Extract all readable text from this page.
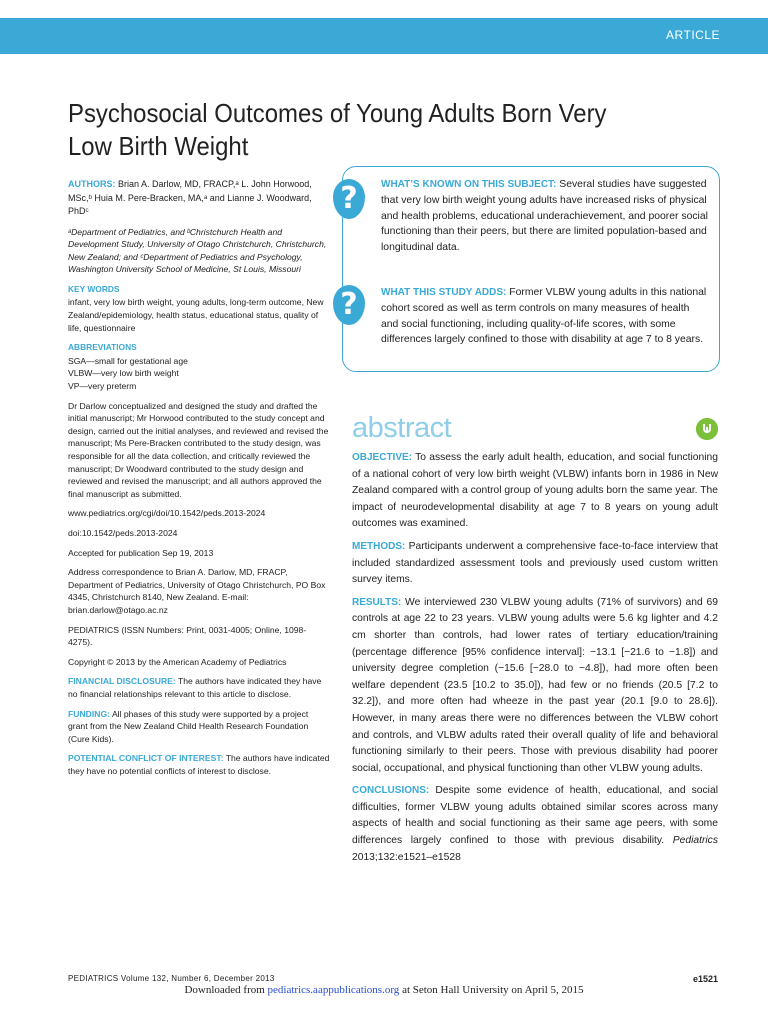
ARTICLE
Psychosocial Outcomes of Young Adults Born Very Low Birth Weight

AUTHORS: Brian A. Darlow, MD, FRACP,ᵃ L. John Horwood, MSc,ᵇ Huia M. Pere-Bracken, MA,ᵃ and Lianne J. Woodward, PhDᶜ

ᵃDepartment of Pediatrics, and ᵇChristchurch Health and Development Study, University of Otago Christchurch, Christchurch, New Zealand; and ᶜDepartment of Pediatrics and Psychology, Washington University School of Medicine, St Louis, Missouri

KEY WORDS
infant, very low birth weight, young adults, long-term outcome, New Zealand/epidemiology, health status, educational status, quality of life, questionnaire
ABBREVIATIONS
SGA—small for gestational age
VLBW—very low birth weight
VP—very preterm

Dr Darlow conceptualized and designed the study and drafted the initial manuscript; Mr Horwood contributed to the study concept and design, carried out the initial analyses, and reviewed and revised the manuscript; Ms Pere-Bracken contributed to the study design, was responsible for all the data collection, and critically reviewed the manuscript; Dr Woodward contributed to the study design and reviewed and revised the manuscript; and all authors approved the final manuscript as submitted.

www.pediatrics.org/cgi/doi/10.1542/peds.2013-2024

doi:10.1542/peds.2013-2024

Accepted for publication Sep 19, 2013

Address correspondence to Brian A. Darlow, MD, FRACP, Department of Pediatrics, University of Otago Christchurch, PO Box 4345, Christchurch 8140, New Zealand. E-mail: brian.darlow@otago.ac.nz

PEDIATRICS (ISSN Numbers: Print, 0031-4005; Online, 1098-4275).

Copyright © 2013 by the American Academy of Pediatrics

FINANCIAL DISCLOSURE: The authors have indicated they have no financial relationships relevant to this article to disclose.

FUNDING: All phases of this study were supported by a project grant from the New Zealand Child Health Research Foundation (Cure Kids).

POTENTIAL CONFLICT OF INTEREST: The authors have indicated they have no potential conflicts of interest to disclose.

?	WHAT’S KNOWN ON THIS SUBJECT: Several studies have suggested that very low birth weight young adults have increased risks of physical and health problems, educational underachievement, and poorer social functioning than their peers, but there are limited population-based and longitudinal data.
?	WHAT THIS STUDY ADDS: Former VLBW young adults in this national cohort scored as well as term controls on many measures of health and social functioning, including quality-of-life scores, with some differences largely confined to those with disability at age 7 to 8 years.
abstract

OBJECTIVE: To assess the early adult health, education, and social functioning of a national cohort of very low birth weight (VLBW) infants born in 1986 in New Zealand compared with a control group of young adults born the same year. The impact of neurodevelopmental disability at age 7 to 8 years on young adult outcomes was examined.

METHODS: Participants underwent a comprehensive face-to-face interview that included standardized assessment tools and previously used custom written survey items.

RESULTS: We interviewed 230 VLBW young adults (71% of survivors) and 69 controls at age 22 to 23 years. VLBW young adults were 5.6 kg lighter and 4.2 cm shorter than controls, had lower rates of tertiary education/training (percentage difference [95% confidence interval]: −13.1 [−21.6 to −1.8]) and university degree completion (−15.6 [−28.0 to −4.8]), had more often been welfare dependent (23.5 [10.2 to 35.0]), had few or no friends (20.5 [7.2 to 32.2]), and more often had wheeze in the past year (20.1 [9.0 to 28.6]). However, in many areas there were no differences between the VLBW cohort and controls, and VLBW adults rated their overall quality of life and behavioral functioning similarly to their peers. Those with previous disability had poorer social, occupational, and physical functioning than other VLBW young adults.

CONCLUSIONS: Despite some evidence of health, educational, and social difficulties, former VLBW young adults obtained similar scores across many aspects of health and social functioning as their same age peers, with some differences largely confined to those with previous disability. Pediatrics 2013;132:e1521–e1528

PEDIATRICS Volume 132, Number 6, December 2013	e1521
Downloaded from pediatrics.aappublications.org at Seton Hall University on April 5, 2015
